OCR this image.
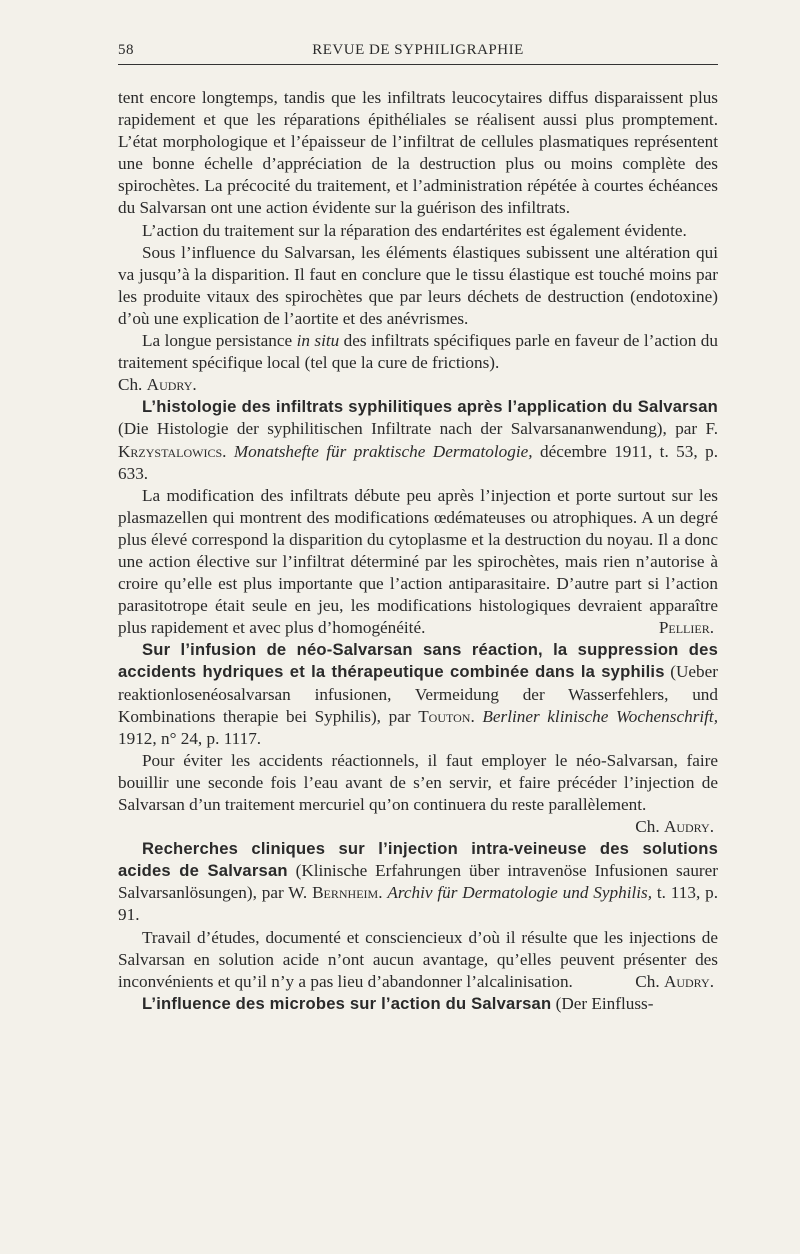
58	REVUE DE SYPHILIGRAPHIE

tent encore longtemps, tandis que les infiltrats leucocytaires diffus disparaissent plus rapidement et que les réparations épithéliales se réalisent aussi plus promptement. L’état morphologique et l’épaisseur de l’infiltrat de cellules plasmatiques représentent une bonne échelle d’appréciation de la destruction plus ou moins complète des spirochètes. La précocité du traitement, et l’administration répétée à courtes échéances du Salvarsan ont une action évidente sur la guérison des infiltrats.

L’action du traitement sur la réparation des endartérites est également évidente.

Sous l’influence du Salvarsan, les éléments élastiques subissent une altération qui va jusqu’à la disparition. Il faut en conclure que le tissu élastique est touché moins par les produite vitaux des spirochètes que par leurs déchets de destruction (endotoxine) d’où une explication de l’aortite et des anévrismes.

La longue persistance in situ des infiltrats spécifiques parle en faveur de l’action du traitement spécifique local (tel que la cure de frictions).

Ch. Audry.

L’histologie des infiltrats syphilitiques après l’application du Salvarsan (Die Histologie der syphilitischen Infiltrate nach der Salvarsananwendung), par F. Krzystalowics. Monatshefte für praktische Dermatologie, décembre 1911, t. 53, p. 633.

La modification des infiltrats débute peu après l’injection et porte surtout sur les plasmazellen qui montrent des modifications œdémateuses ou atrophiques. A un degré plus élevé correspond la disparition du cytoplasme et la destruction du noyau. Il a donc une action élective sur l’infiltrat déterminé par les spirochètes, mais rien n’autorise à croire qu’elle est plus importante que l’action antiparasitaire. D’autre part si l’action parasitotrope était seule en jeu, les modifications histologiques devraient apparaître plus rapidement et avec plus d’homogénéité.	Pellier.

Sur l’infusion de néo-Salvarsan sans réaction, la suppression des accidents hydriques et la thérapeutique combinée dans la syphilis (Ueber reaktionlosenéosalvarsan infusionen, Vermeidung der Wasserfehlers, und Kombinations therapie bei Syphilis), par Touton. Berliner klinische Wochenschrift, 1912, n° 24, p. 1117.

Pour éviter les accidents réactionnels, il faut employer le néo-Salvarsan, faire bouillir une seconde fois l’eau avant de s’en servir, et faire précéder l’injection de Salvarsan d’un traitement mercuriel qu’on continuera du reste parallèlement.
Ch. Audry.

Recherches cliniques sur l’injection intra-veineuse des solutions acides de Salvarsan (Klinische Erfahrungen über intravenöse Infusionen saurer Salvarsanlösungen), par W. Bernheim. Archiv für Dermatologie und Syphilis, t. 113, p. 91.

Travail d’études, documenté et consciencieux d’où il résulte que les injections de Salvarsan en solution acide n’ont aucun avantage, qu’elles peuvent présenter des inconvénients et qu’il n’y a pas lieu d’abandonner l’alcalinisation.	Ch. Audry.

L’influence des microbes sur l’action du Salvarsan (Der Einfluss-
